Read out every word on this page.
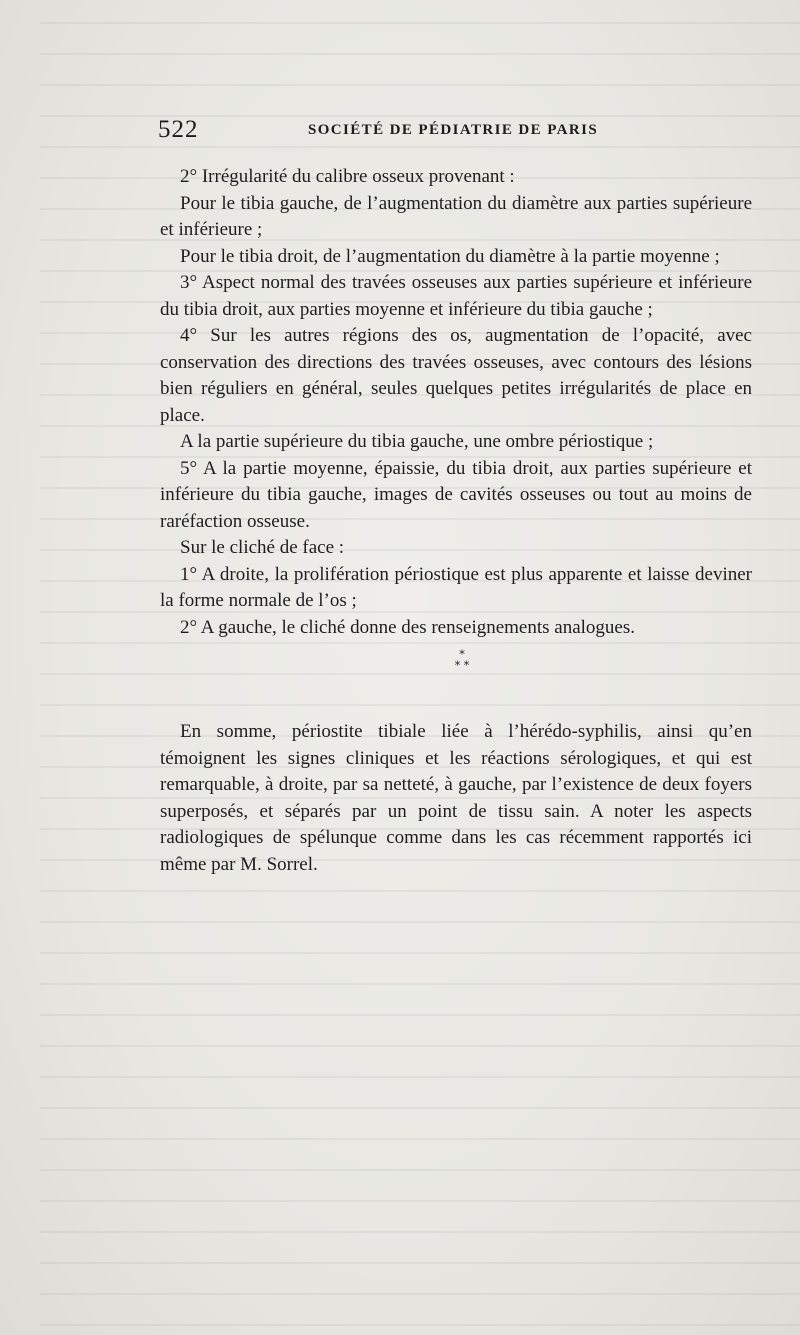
522	SOCIÉTÉ DE PÉDIATRIE DE PARIS

2° Irrégularité du calibre osseux provenant :

Pour le tibia gauche, de l’augmentation du diamètre aux parties supérieure et inférieure ;

Pour le tibia droit, de l’augmentation du diamètre à la partie moyenne ;

3° Aspect normal des travées osseuses aux parties supérieure et inférieure du tibia droit, aux parties moyenne et inférieure du tibia gauche ;

4° Sur les autres régions des os, augmentation de l’opacité, avec conservation des directions des travées osseuses, avec contours des lésions bien réguliers en général, seules quelques petites irrégularités de place en place.

A la partie supérieure du tibia gauche, une ombre périostique ;

5° A la partie moyenne, épaissie, du tibia droit, aux parties supérieure et inférieure du tibia gauche, images de cavités osseuses ou tout au moins de raréfaction osseuse.

Sur le cliché de face :

1° A droite, la prolifération périostique est plus apparente et laisse deviner la forme normale de l’os ;

2° A gauche, le cliché donne des renseignements analogues.

*
* *

En somme, périostite tibiale liée à l’hérédo-syphilis, ainsi qu’en témoignent les signes cliniques et les réactions sérologiques, et qui est remarquable, à droite, par sa netteté, à gauche, par l’existence de deux foyers superposés, et séparés par un point de tissu sain. A noter les aspects radiologiques de spélunque comme dans les cas récemment rapportés ici même par M. Sorrel.
